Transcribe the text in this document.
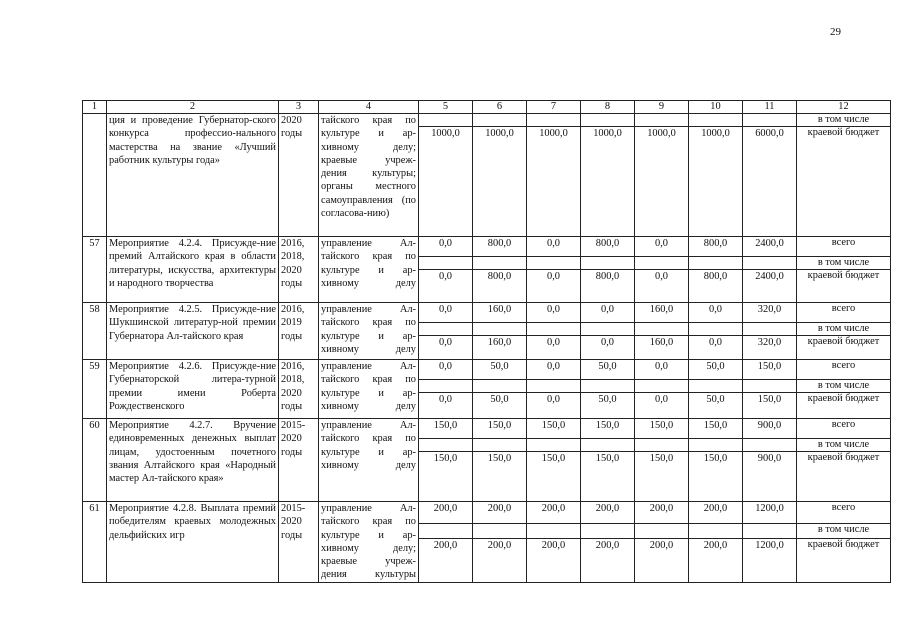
29
1	2	3	4	5	6	7	8	9	10	11	12
	ция и проведение Губернатор-ского конкурса профессио-нального мастерства на звание «Лучший работник культуры года»	2020 годы	тайского края по культуре и ар-хивному делу; краевые учреж-дения культуры; органы местного самоуправления (по согласова-нию)								в том числе
				1000,0	1000,0	1000,0	1000,0	1000,0	1000,0	6000,0	краевой бюджет
57	Мероприятие 4.2.4. Присужде-ние премий Алтайского края в области литературы, искусства, архитектуры и народного творчества	2016, 2018, 2020 годы	управление Ал-тайского края по культуре и ар-хивному делу	0,0	800,0	0,0	800,0	0,0	800,0	2400,0	всего
											в том числе
				0,0	800,0	0,0	800,0	0,0	800,0	2400,0	краевой бюджет
58	Мероприятие 4.2.5. Присужде-ние Шукшинской литератур-ной премии Губернатора Ал-тайского края	2016, 2019 годы	управление Ал-тайского края по культуре и ар-хивному делу	0,0	160,0	0,0	0,0	160,0	0,0	320,0	всего
											в том числе
				0,0	160,0	0,0	0,0	160,0	0,0	320,0	краевой бюджет
59	Мероприятие 4.2.6. Присужде-ние Губернаторской литера-турной премии имени Роберта Рождественского	2016, 2018, 2020 годы	управление Ал-тайского края по культуре и ар-хивному делу	0,0	50,0	0,0	50,0	0,0	50,0	150,0	всего
											в том числе
				0,0	50,0	0,0	50,0	0,0	50,0	150,0	краевой бюджет
60	Мероприятие 4.2.7. Вручение единовременных денежных выплат лицам, удостоенным почетного звания Алтайского края «Народный мастер Ал-тайского края»	2015-2020 годы	управление Ал-тайского края по культуре и ар-хивному делу	150,0	150,0	150,0	150,0	150,0	150,0	900,0	всего
											в том числе
				150,0	150,0	150,0	150,0	150,0	150,0	900,0	краевой бюджет
61	Мероприятие 4.2.8. Выплата премий победителям краевых молодежных дельфийских игр	2015-2020 годы	управление Ал-тайского края по культуре и ар-хивному делу; краевые учреж-дения культуры	200,0	200,0	200,0	200,0	200,0	200,0	1200,0	всего
											в том числе
				200,0	200,0	200,0	200,0	200,0	200,0	1200,0	краевой бюджет
